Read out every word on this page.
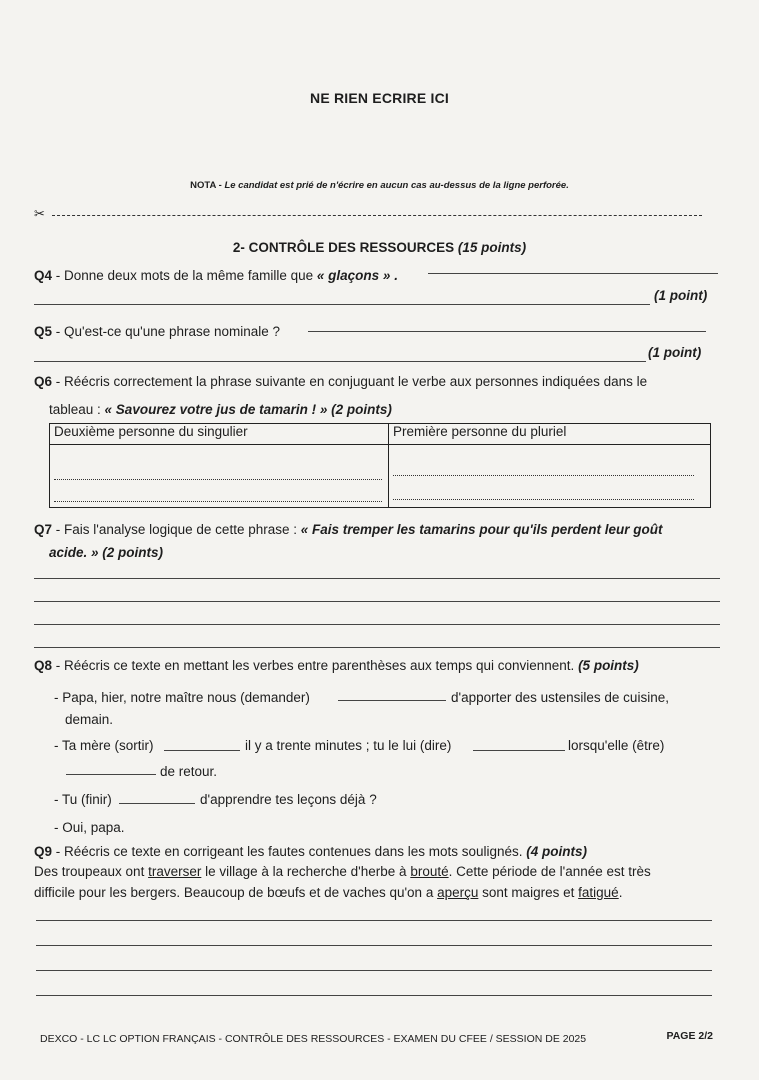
NE RIEN ECRIRE ICI
NOTA - Le candidat est prié de n'écrire en aucun cas au-dessus de la ligne perforée.
✂
2- CONTRÔLE DES RESSOURCES (15 points)
Q4 - Donne deux mots de la même famille que « glaçons » .
(1 point)
Q5 - Qu'est-ce qu'une phrase nominale ?
(1 point)
Q6 - Réécris correctement la phrase suivante en conjuguant le verbe aux personnes indiquées dans le
tableau : « Savourez votre jus de tamarin ! » (2 points)
Deuxième personne du singulier	Première personne du pluriel

Q7 - Fais l'analyse logique de cette phrase : « Fais tremper les tamarins pour qu'ils perdent leur goût
acide. » (2 points)
Q8 - Réécris ce texte en mettant les verbes entre parenthèses aux temps qui conviennent. (5 points)
- Papa, hier, notre maître nous (demander)	d'apporter des ustensiles de cuisine,
demain.
- Ta mère (sortir)	il y a trente minutes ; tu le lui (dire)	lorsqu'elle (être)
de retour.
- Tu (finir)	d'apprendre tes leçons déjà ?
- Oui, papa.
Q9 - Réécris ce texte en corrigeant les fautes contenues dans les mots soulignés. (4 points)
Des troupeaux ont traverser le village à la recherche d'herbe à brouté. Cette période de l'année est très
difficile pour les bergers. Beaucoup de bœufs et de vaches qu'on a aperçu sont maigres et fatigué.
DEXCO - LC LC OPTION FRANÇAIS - CONTRÔLE DES RESSOURCES - EXAMEN DU CFEE / SESSION DE 2025	PAGE 2/2
